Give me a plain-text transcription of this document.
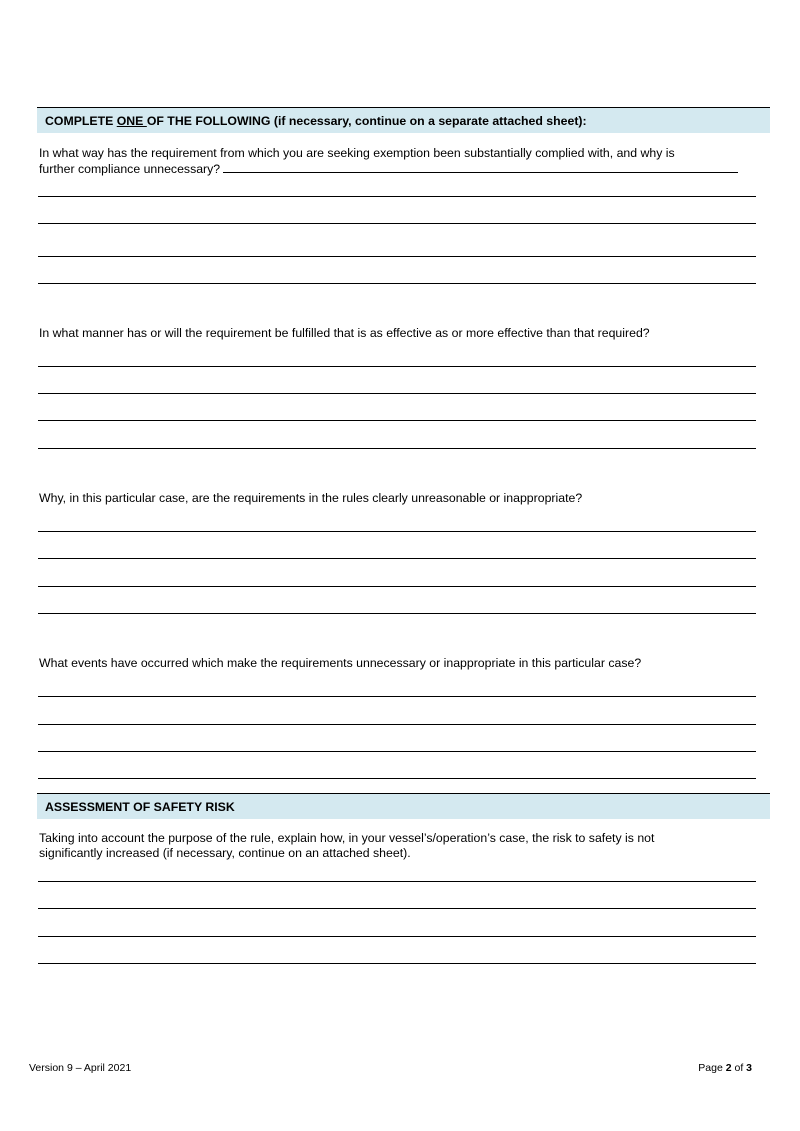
COMPLETE ONE OF THE FOLLOWING (if necessary, continue on a separate attached sheet):
In what way has the requirement from which you are seeking exemption been substantially complied with, and why is
further compliance unnecessary?
In what manner has or will the requirement be fulfilled that is as effective as or more effective than that required?
Why, in this particular case, are the requirements in the rules clearly unreasonable or inappropriate?
What events have occurred which make the requirements unnecessary or inappropriate in this particular case?
ASSESSMENT OF SAFETY RISK
Taking into account the purpose of the rule, explain how, in your vessel’s/operation’s case, the risk to safety is not
significantly increased (if necessary, continue on an attached sheet).
Version 9 – April 2021	Page 2 of 3
